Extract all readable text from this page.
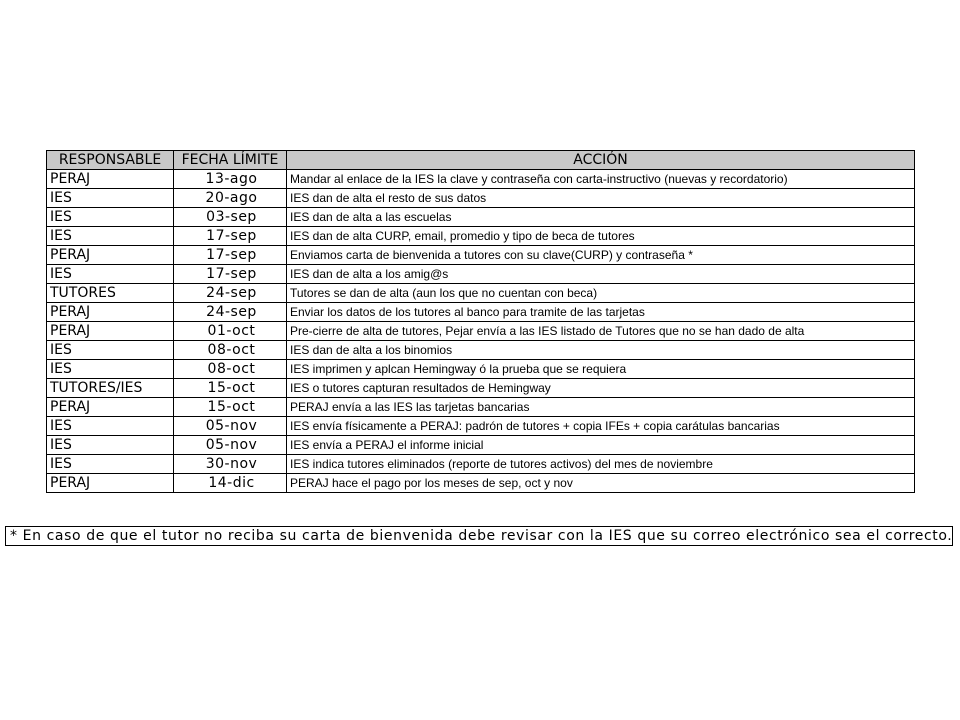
RESPONSABLE	FECHA LÍMITE	ACCIÓN
PERAJ	13-ago	Mandar al enlace de la IES la clave y contraseña con carta-instructivo (nuevas y recordatorio)
IES	20-ago	IES dan de alta el resto de sus datos
IES	03-sep	IES dan de alta a las escuelas
IES	17-sep	IES dan de alta CURP, email, promedio y tipo de beca de tutores
PERAJ	17-sep	Enviamos carta de bienvenida a tutores con su clave(CURP) y contraseña *
IES	17-sep	IES dan de alta a los amig@s
TUTORES	24-sep	Tutores se dan de alta (aun los que no cuentan con beca)
PERAJ	24-sep	Enviar los datos de los tutores al banco para tramite de las tarjetas
PERAJ	01-oct	Pre-cierre de alta de tutores, Pejar envía a las IES listado de Tutores que no se han dado de alta
IES	08-oct	IES dan de alta a los binomios
IES	08-oct	IES imprimen y aplcan Hemingway ó la prueba que se requiera
TUTORES/IES	15-oct	IES o tutores capturan resultados de Hemingway
PERAJ	15-oct	PERAJ envía a las IES las tarjetas bancarias
IES	05-nov	IES envía físicamente a PERAJ: padrón de tutores + copia IFEs + copia carátulas bancarias
IES	05-nov	IES envía a PERAJ el informe inicial
IES	30-nov	IES indica tutores eliminados (reporte de tutores activos) del mes de noviembre
PERAJ	14-dic	PERAJ hace el pago por los meses de sep, oct y nov
* En caso de que el tutor no reciba su carta de bienvenida debe revisar con la IES que su correo electrónico sea el correcto.
